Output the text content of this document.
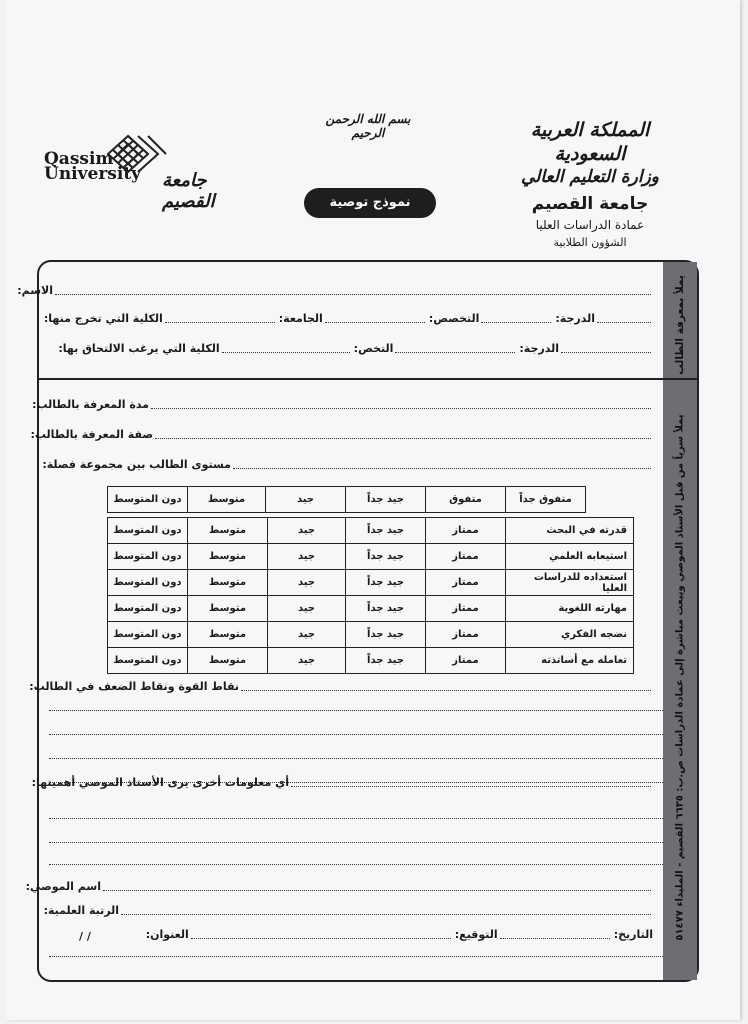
المملكة العربية السعودية
وزارة التعليم العالي
جامعة القصيم
عمادة الدراسات العليا
الشؤون الطلابية
بسم الله الرحمن الرحيم
Qassim
University جامعة القصيم	نموذج توصية
يملأ بمعرفة الطالب
يملأ سرياً من قبل الأستاذ الموصي ويبعث مباشرة إلى عمادة الدراسات ص.ب: ٦٦٣٥ القصيم - المليداء ٥١٤٧٧
الاسم:
الكلية التي تخرج منها:	الجامعة:	التخصص:	الدرجة:
الكلية التي يرغب الالتحاق بها:	التخص:	الدرجة:
مدة المعرفة بالطالب:
صفة المعرفة بالطالب:
مستوى الطالب بين مجموعة فصلة:
متفوق جداً	متفوق	جيد جداً	جيد	متوسط	دون المتوسط
قدرته في البحث	ممتاز	جيد جداً	جيد	متوسط	دون المتوسط
استيعابه العلمي	ممتاز	جيد جداً	جيد	متوسط	دون المتوسط
استعداده للدراسات العليا	ممتاز	جيد جداً	جيد	متوسط	دون المتوسط
مهارته اللغوية	ممتاز	جيد جداً	جيد	متوسط	دون المتوسط
نضجه الفكري	ممتاز	جيد جداً	جيد	متوسط	دون المتوسط
تعامله مع أساتذته	ممتاز	جيد جداً	جيد	متوسط	دون المتوسط
نقاط القوة ونقاط الضعف في الطالب:
أي معلومات أخرى يرى الأستاذ الموصي أهميتها:
اسم الموصي:
الرتبة العلمية:
العنوان:	التوقيع:	التاريخ:
/ /
